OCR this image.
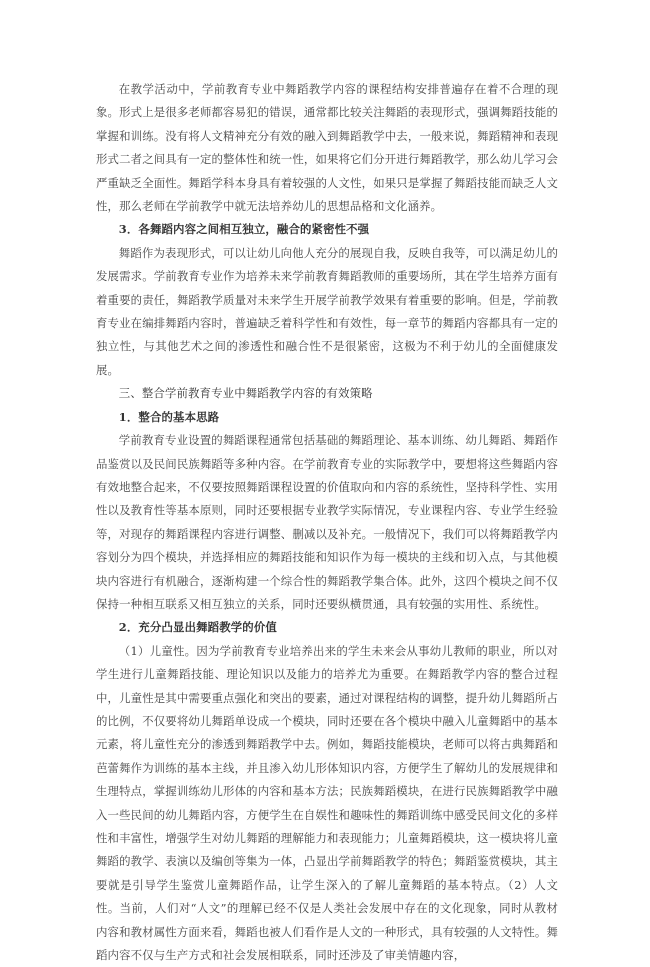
在教学活动中，学前教育专业中舞蹈教学内容的课程结构安排普遍存在着不合理的现象。形式上是很多老师都容易犯的错误，通常都比较关注舞蹈的表现形式，强调舞蹈技能的掌握和训练。没有将人文精神充分有效的融入到舞蹈教学中去，一般来说，舞蹈精神和表现形式二者之间具有一定的整体性和统一性，如果将它们分开进行舞蹈教学，那么幼儿学习会严重缺乏全面性。舞蹈学科本身具有着较强的人文性，如果只是掌握了舞蹈技能而缺乏人文性，那么老师在学前教学中就无法培养幼儿的思想品格和文化涵养。

3．各舞蹈内容之间相互独立，融合的紧密性不强

舞蹈作为表现形式，可以让幼儿向他人充分的展现自我，反映自我等，可以满足幼儿的发展需求。学前教育专业作为培养未来学前教育舞蹈教师的重要场所，其在学生培养方面有着重要的责任，舞蹈教学质量对未来学生开展学前教学效果有着重要的影响。但是，学前教育专业在编排舞蹈内容时，普遍缺乏着科学性和有效性，每一章节的舞蹈内容都具有一定的独立性，与其他艺术之间的渗透性和融合性不是很紧密，这极为不利于幼儿的全面健康发展。

三、整合学前教育专业中舞蹈教学内容的有效策略

1．整合的基本思路

学前教育专业设置的舞蹈课程通常包括基础的舞蹈理论、基本训练、幼儿舞蹈、舞蹈作品鉴赏以及民间民族舞蹈等多种内容。在学前教育专业的实际教学中，要想将这些舞蹈内容有效地整合起来，不仅要按照舞蹈课程设置的价值取向和内容的系统性，坚持科学性、实用性以及教育性等基本原则，同时还要根据专业教学实际情况，专业课程内容、专业学生经验等，对现存的舞蹈课程内容进行调整、删减以及补充。一般情况下，我们可以将舞蹈教学内容划分为四个模块，并选择相应的舞蹈技能和知识作为每一模块的主线和切入点，与其他模块内容进行有机融合，逐渐构建一个综合性的舞蹈教学集合体。此外，这四个模块之间不仅保持一种相互联系又相互独立的关系，同时还要纵横贯通，具有较强的实用性、系统性。

2．充分凸显出舞蹈教学的价值

（1）儿童性。因为学前教育专业培养出来的学生未来会从事幼儿教师的职业，所以对学生进行儿童舞蹈技能、理论知识以及能力的培养尤为重要。在舞蹈教学内容的整合过程中，儿童性是其中需要重点强化和突出的要素，通过对课程结构的调整，提升幼儿舞蹈所占的比例，不仅要将幼儿舞蹈单设成一个模块，同时还要在各个模块中融入儿童舞蹈中的基本元素，将儿童性充分的渗透到舞蹈教学中去。例如，舞蹈技能模块，老师可以将古典舞蹈和芭蕾舞作为训练的基本主线，并且渗入幼儿形体知识内容，方便学生了解幼儿的发展规律和生理特点，掌握训练幼儿形体的内容和基本方法；民族舞蹈模块，在进行民族舞蹈教学中融入一些民间的幼儿舞蹈内容，方便学生在自娱性和趣味性的舞蹈训练中感受民间文化的多样性和丰富性，增强学生对幼儿舞蹈的理解能力和表现能力；儿童舞蹈模块，这一模块将儿童舞蹈的教学、表演以及编创等集为一体，凸显出学前舞蹈教学的特色；舞蹈鉴赏模块，其主要就是引导学生鉴赏儿童舞蹈作品，让学生深入的了解儿童舞蹈的基本特点。（2）人文性。当前，人们对“人文”的理解已经不仅是人类社会发展中存在的文化现象，同时从教材内容和教材属性方面来看，舞蹈也被人们看作是人文的一种形式，具有较强的人文特性。舞蹈内容不仅与生产方式和社会发展相联系，同时还涉及了审美情趣内容，
